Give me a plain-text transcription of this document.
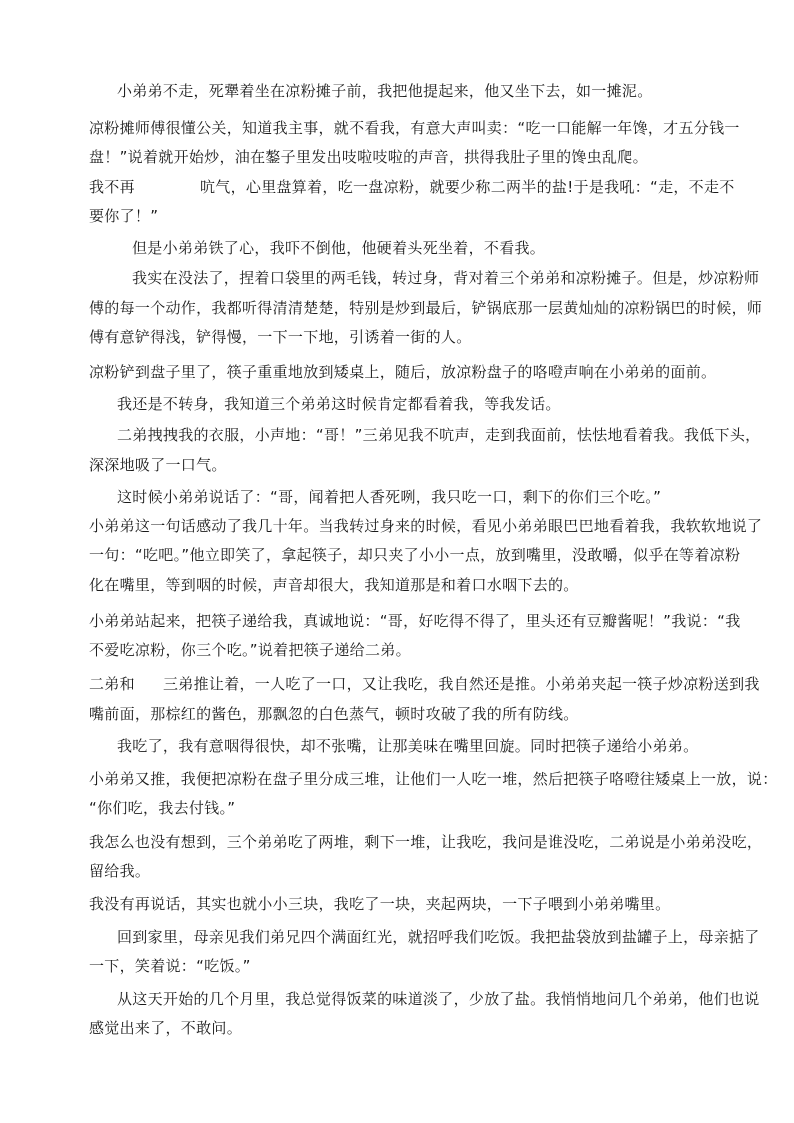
小弟弟不走，死犟着坐在凉粉摊子前，我把他提起来，他又坐下去，如一摊泥。
凉粉摊师傅很懂公关，知道我主事，就不看我，有意大声叫卖：“吃一口能解一年馋，才五分钱一
盘！”说着就开始炒，油在鏊子里发出吱啦吱啦的声音，拱得我肚子里的馋虫乱爬。
我不再	吭气，心里盘算着，吃一盘凉粉，就要少称二两半的盐!于是我吼：“走，不走不
要你了！”
但是小弟弟铁了心，我吓不倒他，他硬着头死坐着，不看我。
我实在没法了，捏着口袋里的两毛钱，转过身，背对着三个弟弟和凉粉摊子。但是，炒凉粉师
傅的每一个动作，我都听得清清楚楚，特别是炒到最后，铲锅底那一层黄灿灿的凉粉锅巴的时候，师
傅有意铲得浅，铲得慢，一下一下地，引诱着一街的人。
凉粉铲到盘子里了，筷子重重地放到矮桌上，随后，放凉粉盘子的咯噔声响在小弟弟的面前。
我还是不转身，我知道三个弟弟这时候肯定都看着我，等我发话。
二弟拽拽我的衣服，小声地：“哥！”三弟见我不吭声，走到我面前，怯怯地看着我。我低下头，
深深地吸了一口气。
这时候小弟弟说话了：“哥，闻着把人香死咧，我只吃一口，剩下的你们三个吃。”
小弟弟这一句话感动了我几十年。当我转过身来的时候，看见小弟弟眼巴巴地看着我，我软软地说了
一句：“吃吧。”他立即笑了，拿起筷子，却只夹了小小一点，放到嘴里，没敢嚼，似乎在等着凉粉
化在嘴里，等到咽的时候，声音却很大，我知道那是和着口水咽下去的。
小弟弟站起来，把筷子递给我，真诚地说：“哥，好吃得不得了，里头还有豆瓣酱呢！”我说：“我
不爱吃凉粉，你三个吃。”说着把筷子递给二弟。
二弟和 三弟推让着，一人吃了一口，又让我吃，我自然还是推。小弟弟夹起一筷子炒凉粉送到我
嘴前面，那棕红的酱色，那飘忽的白色蒸气，顿时攻破了我的所有防线。
我吃了，我有意咽得很快，却不张嘴，让那美味在嘴里回旋。同时把筷子递给小弟弟。
小弟弟又推，我便把凉粉在盘子里分成三堆，让他们一人吃一堆，然后把筷子咯噔往矮桌上一放，说：
“你们吃，我去付钱。”
我怎么也没有想到，三个弟弟吃了两堆，剩下一堆，让我吃，我问是谁没吃，二弟说是小弟弟没吃，
留给我。
我没有再说话，其实也就小小三块，我吃了一块，夹起两块，一下子喂到小弟弟嘴里。
回到家里，母亲见我们弟兄四个满面红光，就招呼我们吃饭。我把盐袋放到盐罐子上，母亲掂了
一下，笑着说：“吃饭。”
从这天开始的几个月里，我总觉得饭菜的味道淡了，少放了盐。我悄悄地问几个弟弟，他们也说
感觉出来了，不敢问。
